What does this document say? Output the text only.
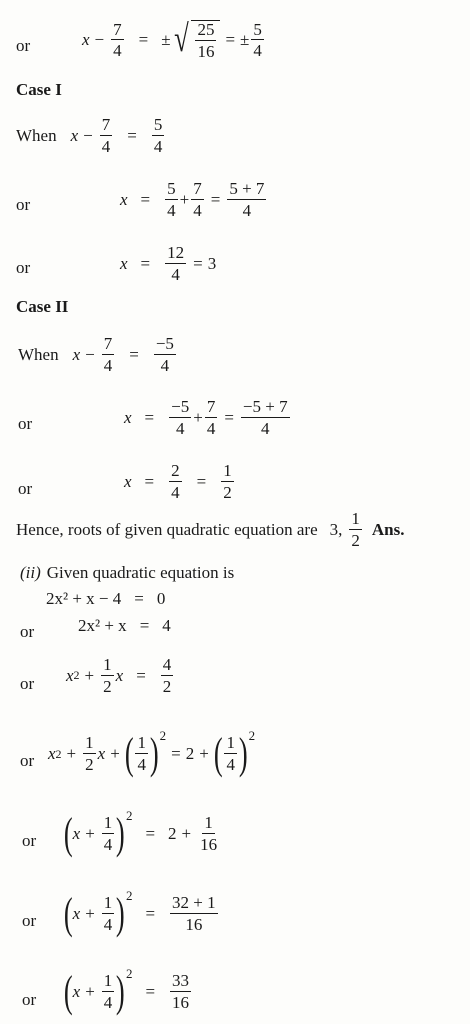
or	$x - \frac{7}{4}$ = ± √ 25
16
= ± $\frac{5}{4}$
Case I
When $x - \frac{7}{4} = \frac{5}{4}$
or	$x = \frac{5}{4} + \frac{7}{4} = \frac{5 + 7}{4}$
or	$x = \frac{12}{4} = 3$
Case II
When $x - \frac{7}{4} = \frac{-5}{4}$
or	$x = \frac{-5}{4} + \frac{7}{4} = \frac{-5 + 7}{4}$
or	$x = \frac{2}{4} = \frac{1}{2}$
Hence, roots of given quadratic equation are 3,
1
2
Ans.
(ii) Given quadratic equation is
2x² + x − 4 = 0
or	2x² + x = 4
or x $2 + \frac{1}{2}$ $x = \frac{4}{2}$
or x $2 + \frac{1}{2}$ x + ( 1
4 ) 2
= 2 + ( 1
4 ) 2
or ( $x + \frac{1}{4}$ ) 2
= $2 + \frac{1}{16}$
or ( $x + \frac{1}{4}$ ) 2
= $\frac{32 + 1}{16}$
or ( $x + \frac{1}{4}$ ) 2
= $\frac{33}{16}$
